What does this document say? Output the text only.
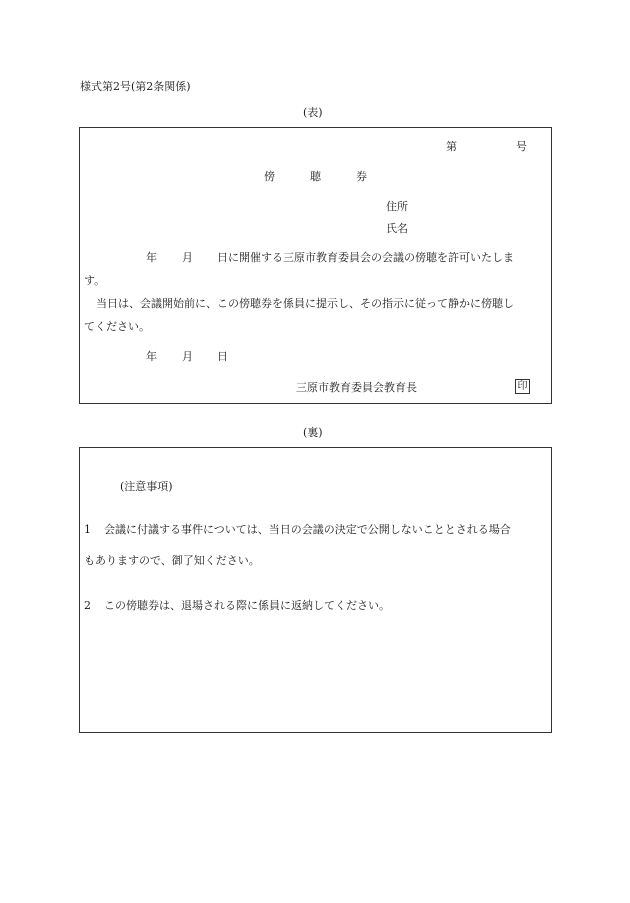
様式第2号(第2条関係)
(表)
第	号
傍	聴	券
住所
氏名
年 月 日に開催する三原市教育委員会の会議の傍聴を許可いたしま
す。
当日は、会議開始前に、この傍聴券を係員に提示し、その指示に従って静かに傍聴し
てください。
年 月 日
三原市教育委員会教育長	印
(裏)
(注意事項)
1 会議に付議する事件については、当日の会議の決定で公開しないこととされる場合
もありますので、御了知ください。
2 この傍聴券は、退場される際に係員に返納してください。
